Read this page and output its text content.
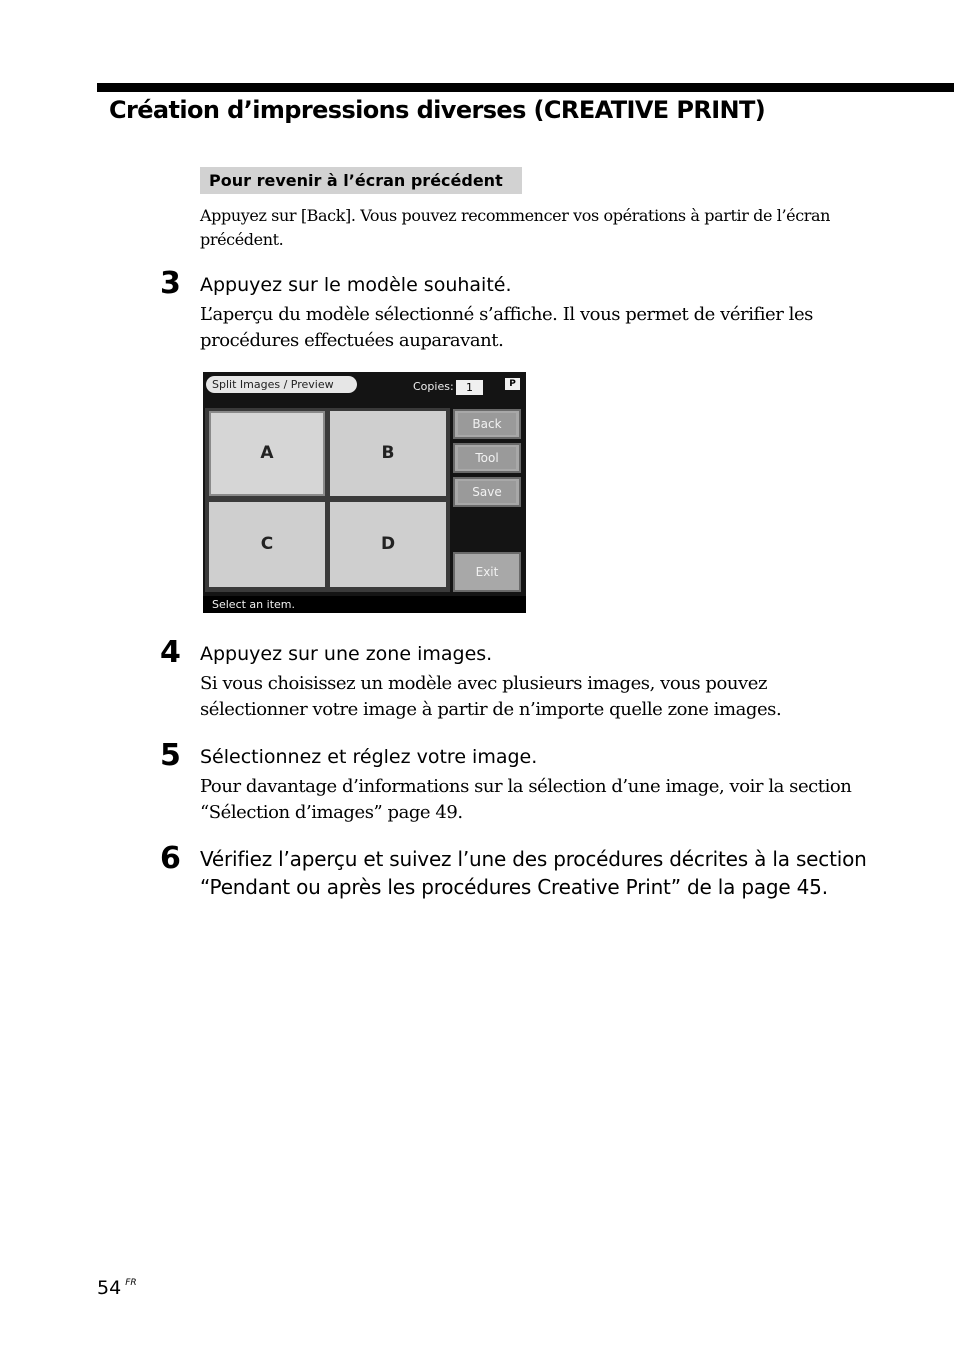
Création d’impressions diverses (CREATIVE PRINT)
Pour revenir à l’écran précédent
Appuyez sur [Back]. Vous pouvez recommencer vos opérations à partir de l’écran précédent.
3 Appuyez sur le modèle souhaité.
L’aperçu du modèle sélectionné s’affiche. Il vous permet de vérifier les procédures effectuées auparavant.
Split Images / Preview	Copies:	1	P
A	B
C	D
Back
Tool
Save
Exit
Select an item.
4 Appuyez sur une zone images.
Si vous choisissez un modèle avec plusieurs images, vous pouvez sélectionner votre image à partir de n’importe quelle zone images.
5 Sélectionnez et réglez votre image.
Pour davantage d’informations sur la sélection d’une image, voir la section “Sélection d’images” page 49.
6 Vérifiez l’aperçu et suivez l’une des procédures décrites à la section “Pendant ou après les procédures Creative Print” de la page 45.
54 $^{FR}$
